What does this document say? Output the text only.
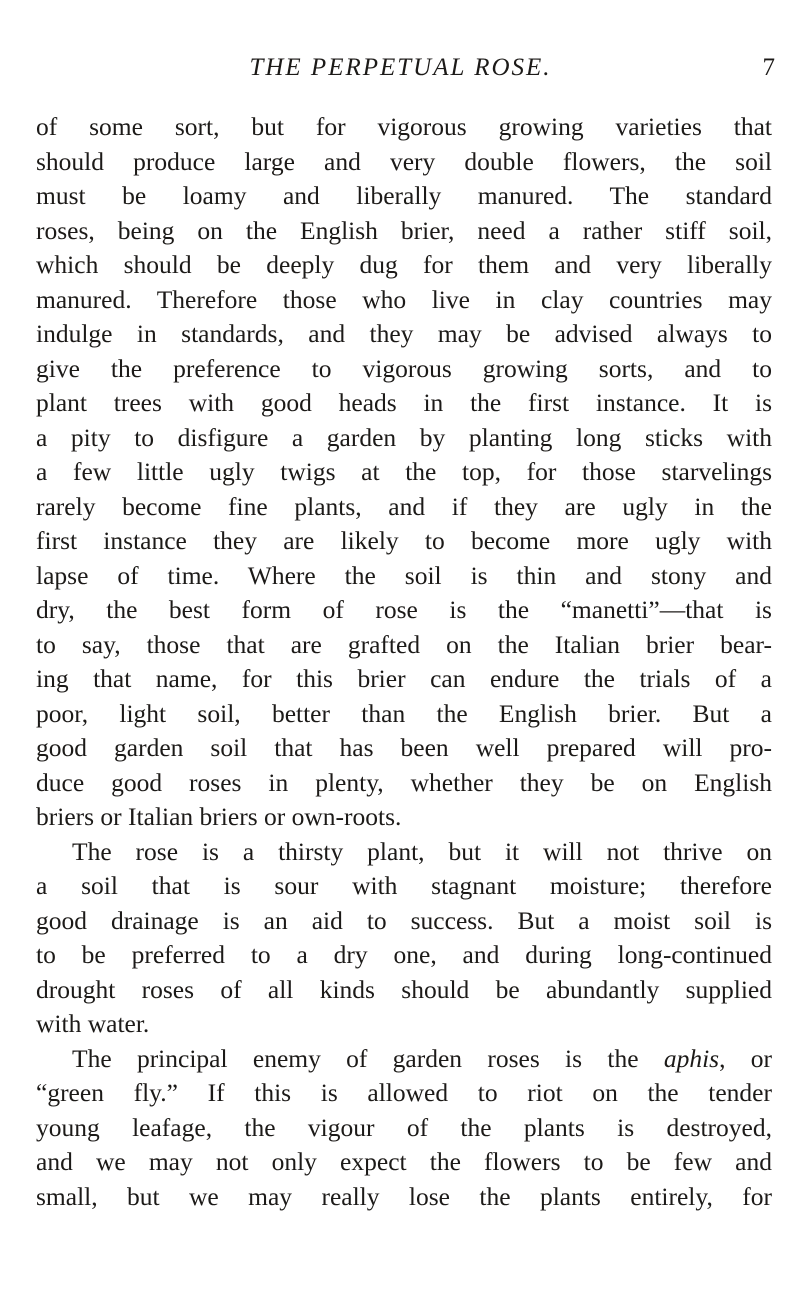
THE PERPETUAL ROSE.	7
of some sort, but for vigorous growing varieties that
should produce large and very double flowers, the soil
must be loamy and liberally manured. The standard
roses, being on the English brier, need a rather stiff soil,
which should be deeply dug for them and very liberally
manured. Therefore those who live in clay countries may
indulge in standards, and they may be advised always to
give the preference to vigorous growing sorts, and to
plant trees with good heads in the first instance. It is
a pity to disfigure a garden by planting long sticks with
a few little ugly twigs at the top, for those starvelings
rarely become fine plants, and if they are ugly in the
first instance they are likely to become more ugly with
lapse of time. Where the soil is thin and stony and
dry, the best form of rose is the “manetti”—that is
to say, those that are grafted on the Italian brier bear-
ing that name, for this brier can endure the trials of a
poor, light soil, better than the English brier. But a
good garden soil that has been well prepared will pro-
duce good roses in plenty, whether they be on English
briers or Italian briers or own-roots.
The rose is a thirsty plant, but it will not thrive on
a soil that is sour with stagnant moisture; therefore
good drainage is an aid to success. But a moist soil is
to be preferred to a dry one, and during long-continued
drought roses of all kinds should be abundantly supplied
with water.
The principal enemy of garden roses is the aphis, or
“green fly.” If this is allowed to riot on the tender
young leafage, the vigour of the plants is destroyed,
and we may not only expect the flowers to be few and
small, but we may really lose the plants entirely, for
